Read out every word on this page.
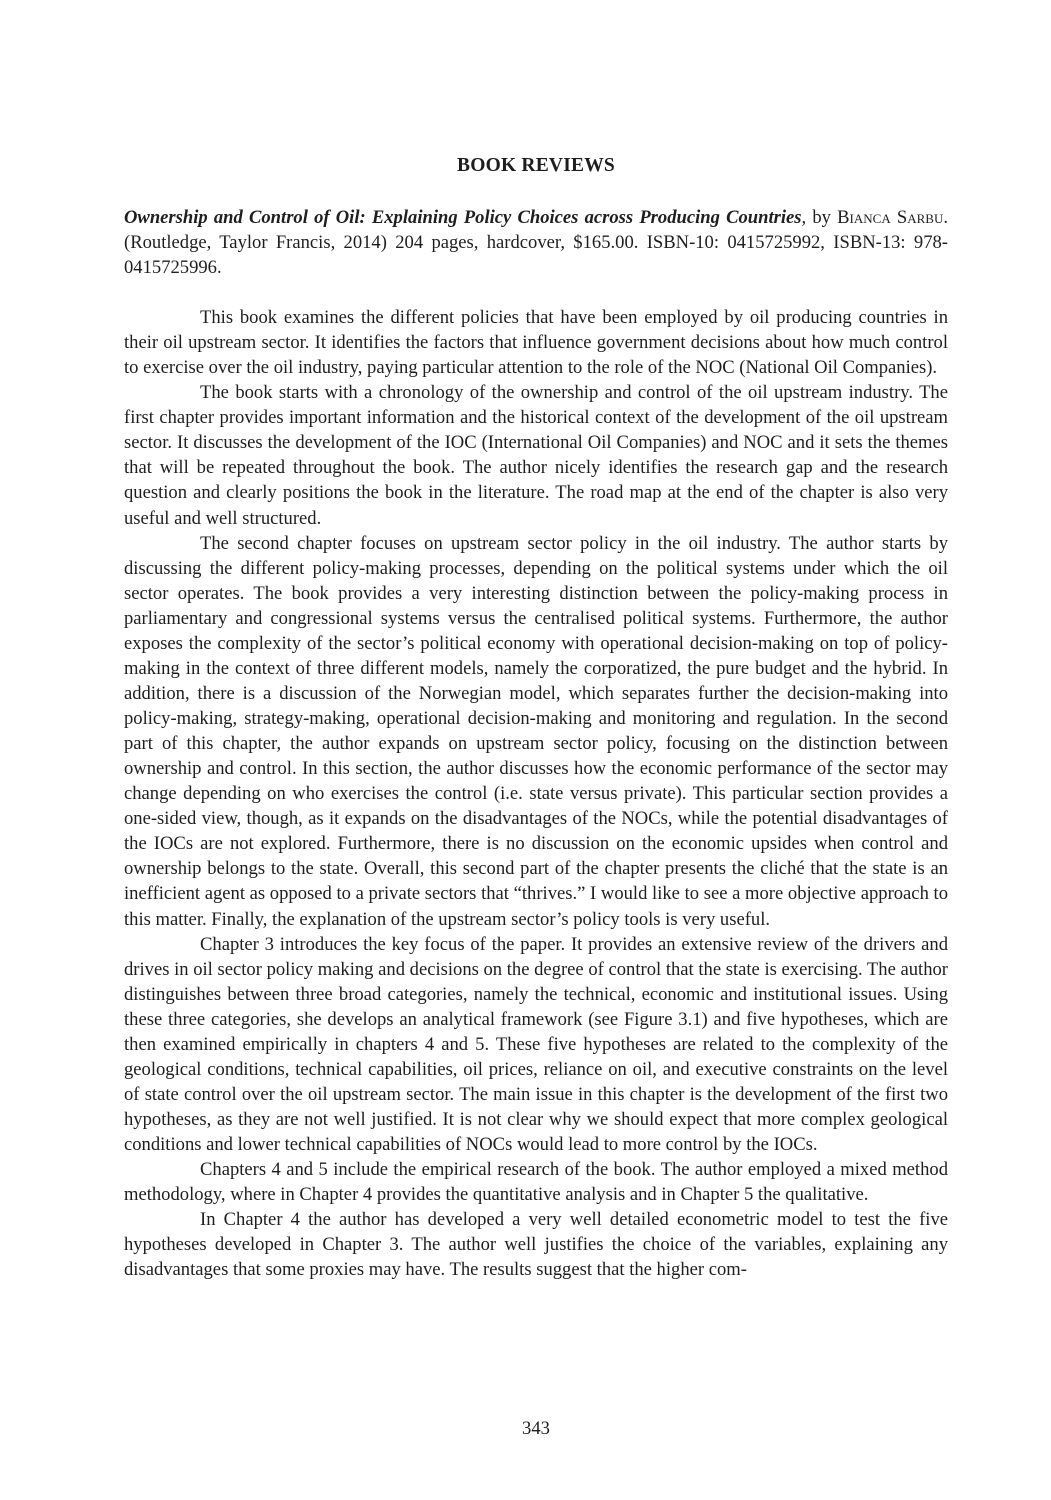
BOOK REVIEWS
Ownership and Control of Oil: Explaining Policy Choices across Producing Countries, by Bianca Sarbu. (Routledge, Taylor Francis, 2014) 204 pages, hardcover, $165.00. ISBN-10: 0415725992, ISBN-13: 978-0415725996.

This book examines the different policies that have been employed by oil producing countries in their oil upstream sector. It identifies the factors that influence government decisions about how much control to exercise over the oil industry, paying particular attention to the role of the NOC (National Oil Companies).

The book starts with a chronology of the ownership and control of the oil upstream industry. The first chapter provides important information and the historical context of the development of the oil upstream sector. It discusses the development of the IOC (International Oil Companies) and NOC and it sets the themes that will be repeated throughout the book. The author nicely identifies the research gap and the research question and clearly positions the book in the literature. The road map at the end of the chapter is also very useful and well structured.

The second chapter focuses on upstream sector policy in the oil industry. The author starts by discussing the different policy-making processes, depending on the political systems under which the oil sector operates. The book provides a very interesting distinction between the policy-making process in parliamentary and congressional systems versus the centralised political systems. Furthermore, the author exposes the complexity of the sector’s political economy with operational decision-making on top of policy-making in the context of three different models, namely the corporatized, the pure budget and the hybrid. In addition, there is a discussion of the Norwegian model, which separates further the decision-making into policy-making, strategy-making, operational decision-making and monitoring and regulation. In the second part of this chapter, the author expands on upstream sector policy, focusing on the distinction between ownership and control. In this section, the author discusses how the economic performance of the sector may change depending on who exercises the control (i.e. state versus private). This particular section provides a one-sided view, though, as it expands on the disadvantages of the NOCs, while the potential disadvantages of the IOCs are not explored. Furthermore, there is no discussion on the economic upsides when control and ownership belongs to the state. Overall, this second part of the chapter presents the cliché that the state is an inefficient agent as opposed to a private sectors that “thrives.” I would like to see a more objective approach to this matter. Finally, the explanation of the upstream sector’s policy tools is very useful.

Chapter 3 introduces the key focus of the paper. It provides an extensive review of the drivers and drives in oil sector policy making and decisions on the degree of control that the state is exercising. The author distinguishes between three broad categories, namely the technical, economic and institutional issues. Using these three categories, she develops an analytical framework (see Figure 3.1) and five hypotheses, which are then examined empirically in chapters 4 and 5. These five hypotheses are related to the complexity of the geological conditions, technical capabilities, oil prices, reliance on oil, and executive constraints on the level of state control over the oil upstream sector. The main issue in this chapter is the development of the first two hypotheses, as they are not well justified. It is not clear why we should expect that more complex geological conditions and lower technical capabilities of NOCs would lead to more control by the IOCs.

Chapters 4 and 5 include the empirical research of the book. The author employed a mixed method methodology, where in Chapter 4 provides the quantitative analysis and in Chapter 5 the qualitative.

In Chapter 4 the author has developed a very well detailed econometric model to test the five hypotheses developed in Chapter 3. The author well justifies the choice of the variables, explaining any disadvantages that some proxies may have. The results suggest that the higher com-

343
